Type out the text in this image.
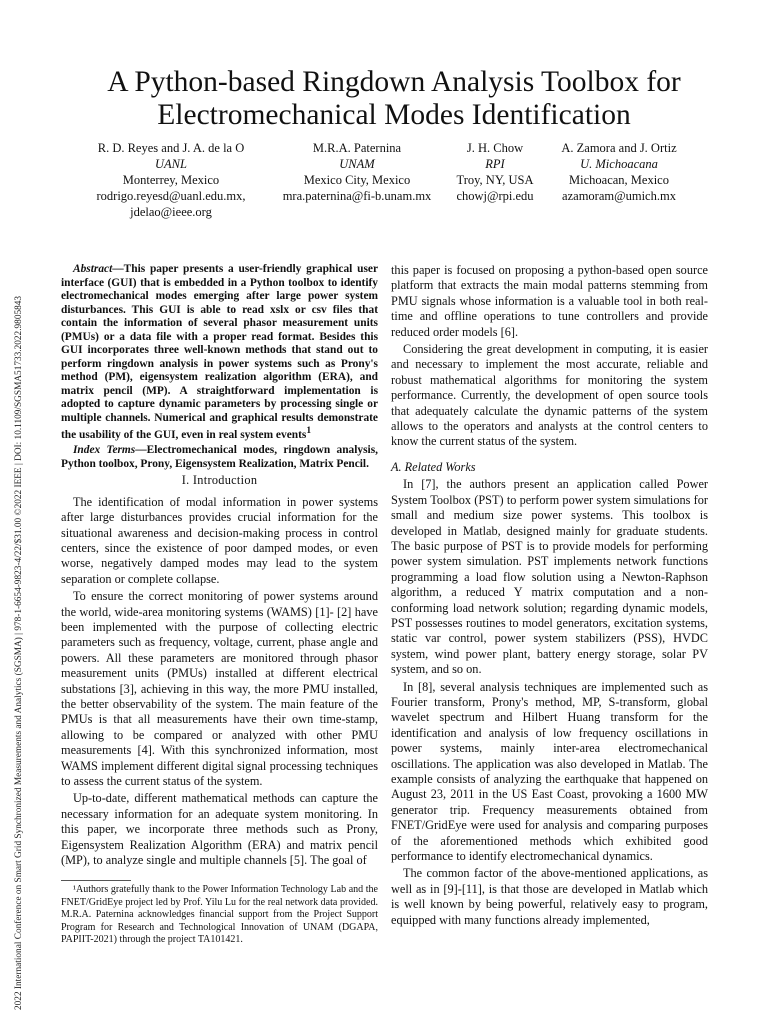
2022 International Conference on Smart Grid Synchronized Measurements and Analytics (SGSMA) | 978-1-6654-9823-4/22/$31.00 ©2022 IEEE | DOI: 10.1109/SGSMA51733.2022.9805843
A Python-based Ringdown Analysis Toolbox for Electromechanical Modes Identification
R. D. Reyes and J. A. de la O
UANL
Monterrey, Mexico
rodrigo.reyesd@uanl.edu.mx,
jdelao@ieee.org
M.R.A. Paternina
UNAM
Mexico City, Mexico
mra.paternina@fi-b.unam.mx
J. H. Chow
RPI
Troy, NY, USA
chowj@rpi.edu
A. Zamora and J. Ortiz
U. Michoacana
Michoacan, Mexico
azamoram@umich.mx

Abstract—This paper presents a user-friendly graphical user interface (GUI) that is embedded in a Python toolbox to identify electromechanical modes emerging after large power system disturbances. This GUI is able to read xslx or csv files that contain the information of several phasor measurement units (PMUs) or a data file with a proper read format. Besides this GUI incorporates three well-known methods that stand out to perform ringdown analysis in power systems such as Prony's method (PM), eigensystem realization algorithm (ERA), and matrix pencil (MP). A straightforward implementation is adopted to capture dynamic parameters by processing single or multiple channels. Numerical and graphical results demonstrate the usability of the GUI, even in real system events$^1$

Index Terms—Electromechanical modes, ringdown analysis, Python toolbox, Prony, Eigensystem Realization, Matrix Pencil.

I. Introduction

The identification of modal information in power systems after large disturbances provides crucial information for the situational awareness and decision-making process in control centers, since the existence of poor damped modes, or even worse, negatively damped modes may lead to the system separation or complete collapse.

To ensure the correct monitoring of power systems around the world, wide-area monitoring systems (WAMS) [1]- [2] have been implemented with the purpose of collecting electric parameters such as frequency, voltage, current, phase angle and powers. All these parameters are monitored through phasor measurement units (PMUs) installed at different electrical substations [3], achieving in this way, the more PMU installed, the better observability of the system. The main feature of the PMUs is that all measurements have their own time-stamp, allowing to be compared or analyzed with other PMU measurements [4]. With this synchronized information, most WAMS implement different digital signal processing techniques to assess the current status of the system.

Up-to-date, different mathematical methods can capture the necessary information for an adequate system monitoring. In this paper, we incorporate three methods such as Prony, Eigensystem Realization Algorithm (ERA) and matrix pencil (MP), to analyze single and multiple channels [5]. The goal of

¹Authors gratefully thank to the Power Information Technology Lab and the FNET/GridEye project led by Prof. Yilu Lu for the real network data provided. M.R.A. Paternina acknowledges financial support from the Project Support Program for Research and Technological Innovation of UNAM (DGAPA, PAPIIT-2021) through the project TA101421.

this paper is focused on proposing a python-based open source platform that extracts the main modal patterns stemming from PMU signals whose information is a valuable tool in both real-time and offline operations to tune controllers and provide reduced order models [6].

Considering the great development in computing, it is easier and necessary to implement the most accurate, reliable and robust mathematical algorithms for monitoring the system performance. Currently, the development of open source tools that adequately calculate the dynamic patterns of the system allows to the operators and analysts at the control centers to know the current status of the system.

A. Related Works

In [7], the authors present an application called Power System Toolbox (PST) to perform power system simulations for small and medium size power systems. This toolbox is developed in Matlab, designed mainly for graduate students. The basic purpose of PST is to provide models for performing power system simulation. PST implements network functions programming a load flow solution using a Newton-Raphson algorithm, a reduced Y matrix computation and a non-conforming load network solution; regarding dynamic models, PST possesses routines to model generators, excitation systems, static var control, power system stabilizers (PSS), HVDC system, wind power plant, battery energy storage, solar PV system, and so on.

In [8], several analysis techniques are implemented such as Fourier transform, Prony's method, MP, S-transform, global wavelet spectrum and Hilbert Huang transform for the identification and analysis of low frequency oscillations in power systems, mainly inter-area electromechanical oscillations. The application was also developed in Matlab. The example consists of analyzing the earthquake that happened on August 23, 2011 in the US East Coast, provoking a 1600 MW generator trip. Frequency measurements obtained from FNET/GridEye were used for analysis and comparing purposes of the aforementioned methods which exhibited good performance to identify electromechanical dynamics.

The common factor of the above-mentioned applications, as well as in [9]-[11], is that those are developed in Matlab which is well known by being powerful, relatively easy to program, equipped with many functions already implemented,
